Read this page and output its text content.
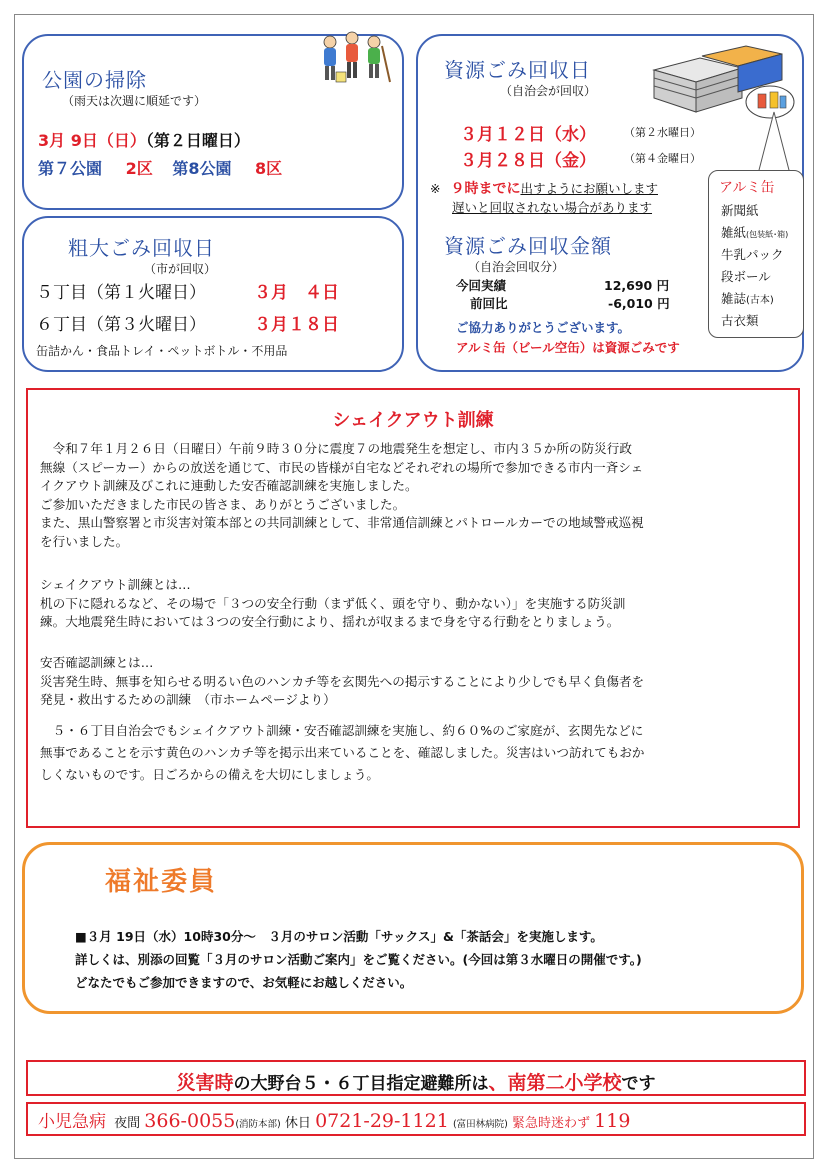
公園の掃除
（雨天は次週に順延です）
3月 9日（日）（第２日曜日）
第７公園 2区 第8公園 8区
粗大ごみ回収日
（市が回収）
５丁目（第１火曜日）	３月　４日
６丁目（第３火曜日）	３月１８日
缶詰かん・食品トレイ・ペットボトル・不用品
資源ごみ回収日
（自治会が回収）
３月１２日（水）	（第２水曜日）
３月２８日（金）	（第４金曜日）
※ ９時までに出すようにお願いします
遅いと回収されない場合があります
資源ごみ回収金額
（自治会回収分）
今回実績	12,690 円
前回比	-6,010 円
ご協力ありがとうございます。
アルミ缶（ビール空缶）は資源ごみです
アルミ缶
新聞紙
雑紙(包装紙･箱)
牛乳パック
段ボール
雑誌(古本)
古衣類
シェイクアウト訓練
　令和７年１月２６日（日曜日）午前９時３０分に震度７の地震発生を想定し、市内３５か所の防災行政
無線（スピーカー）からの放送を通じて、市民の皆様が自宅などそれぞれの場所で参加できる市内一斉シェ
イクアウト訓練及びこれに連動した安否確認訓練を実施しました。
ご参加いただきました市民の皆さま、ありがとうございました。
また、黒山警察署と市災害対策本部との共同訓練として、非常通信訓練とパトロールカーでの地域警戒巡視
を行いました。
シェイクアウト訓練とは…
机の下に隠れるなど、その場で「３つの安全行動（まず低く、頭を守り、動かない）」を実施する防災訓
練。大地震発生時においては３つの安全行動により、揺れが収まるまで身を守る行動をとりましょう。
安否確認訓練とは…
災害発生時、無事を知らせる明るい色のハンカチ等を玄関先への掲示することにより少しでも早く負傷者を
発見・救出するための訓練　（市ホームページより）
　５・６丁目自治会でもシェイクアウト訓練・安否確認訓練を実施し、約６０%のご家庭が、玄関先などに
無事であることを示す黄色のハンカチ等を掲示出来ていることを、確認しました。災害はいつ訪れてもおか
しくないものです。日ごろからの備えを大切にしましょう。
福祉委員
■３月 19日（水）10時30分～　３月のサロン活動「サックス」&「茶話会」を実施します。
詳しくは、別添の回覧「３月のサロン活動ご案内」をご覧ください。(今回は第３水曜日の開催です。)
どなたでもご参加できますので、お気軽にお越しください。
災害時の大野台５・６丁目指定避難所は、南第二小学校です
小児急病 夜間 366-0055(消防本部) 休日 0721-29-1121 (富田林病院) 緊急時迷わず 119
